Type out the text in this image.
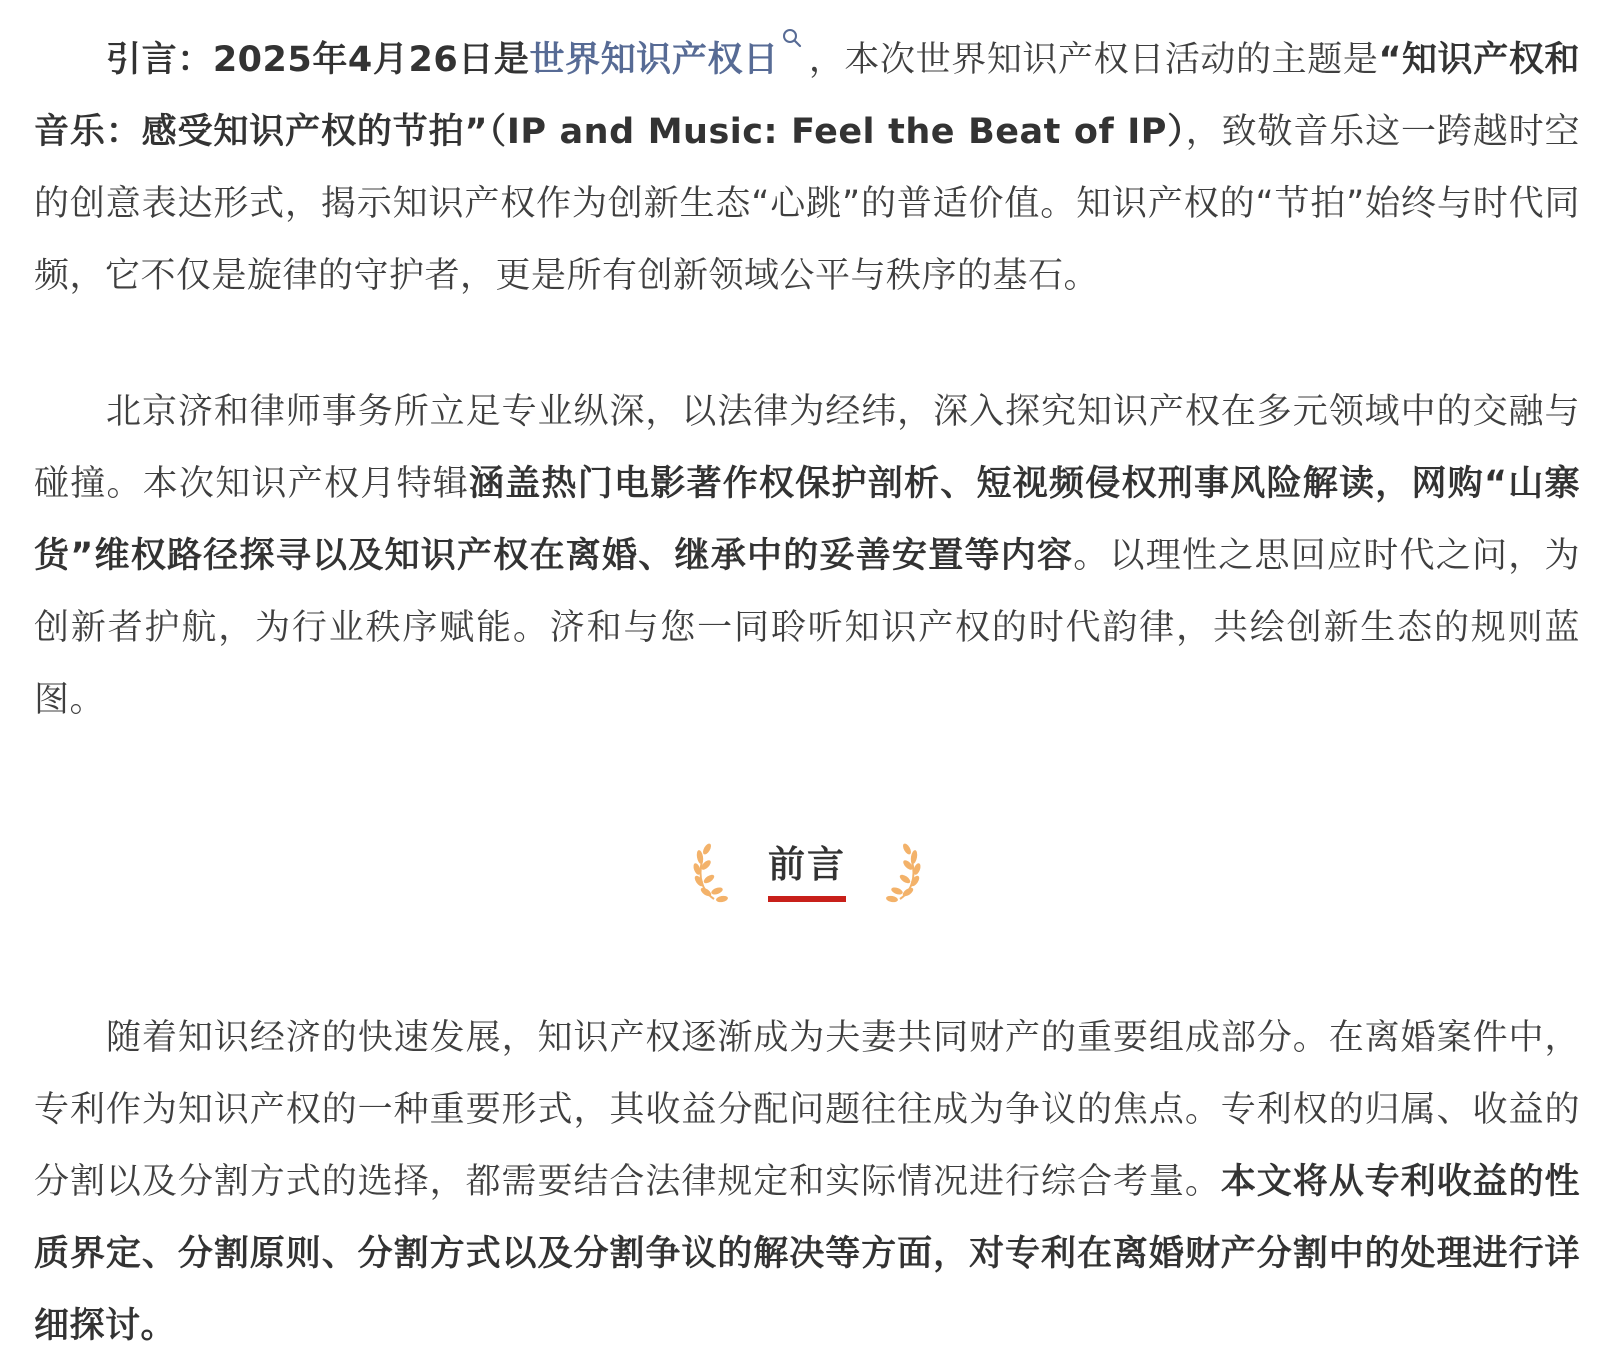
引言：2025年4月26日是世界知识产权日 ，本次世界知识产权日活动的主题是“知识产权和音乐：感受知识产权的节拍”（IP and Music: Feel the Beat of IP），致敬音乐这一跨越时空的创意表达形式，揭示知识产权作为创新生态“心跳”的普适价值。知识产权的“节拍”始终与时代同频，它不仅是旋律的守护者，更是所有创新领域公平与秩序的基石。

北京济和律师事务所立足专业纵深，以法律为经纬，深入探究知识产权在多元领域中的交融与碰撞。本次知识产权月特辑涵盖热门电影著作权保护剖析、短视频侵权刑事风险解读，网购“山寨货”维权路径探寻以及知识产权在离婚、继承中的妥善安置等内容。以理性之思回应时代之问，为创新者护航，为行业秩序赋能。济和与您一同聆听知识产权的时代韵律，共绘创新生态的规则蓝图。

前言

随着知识经济的快速发展，知识产权逐渐成为夫妻共同财产的重要组成部分。在离婚案件中，专利作为知识产权的一种重要形式，其收益分配问题往往成为争议的焦点。专利权的归属、收益的分割以及分割方式的选择，都需要结合法律规定和实际情况进行综合考量。本文将从专利收益的性质界定、分割原则、分割方式以及分割争议的解决等方面，对专利在离婚财产分割中的处理进行详细探讨。
